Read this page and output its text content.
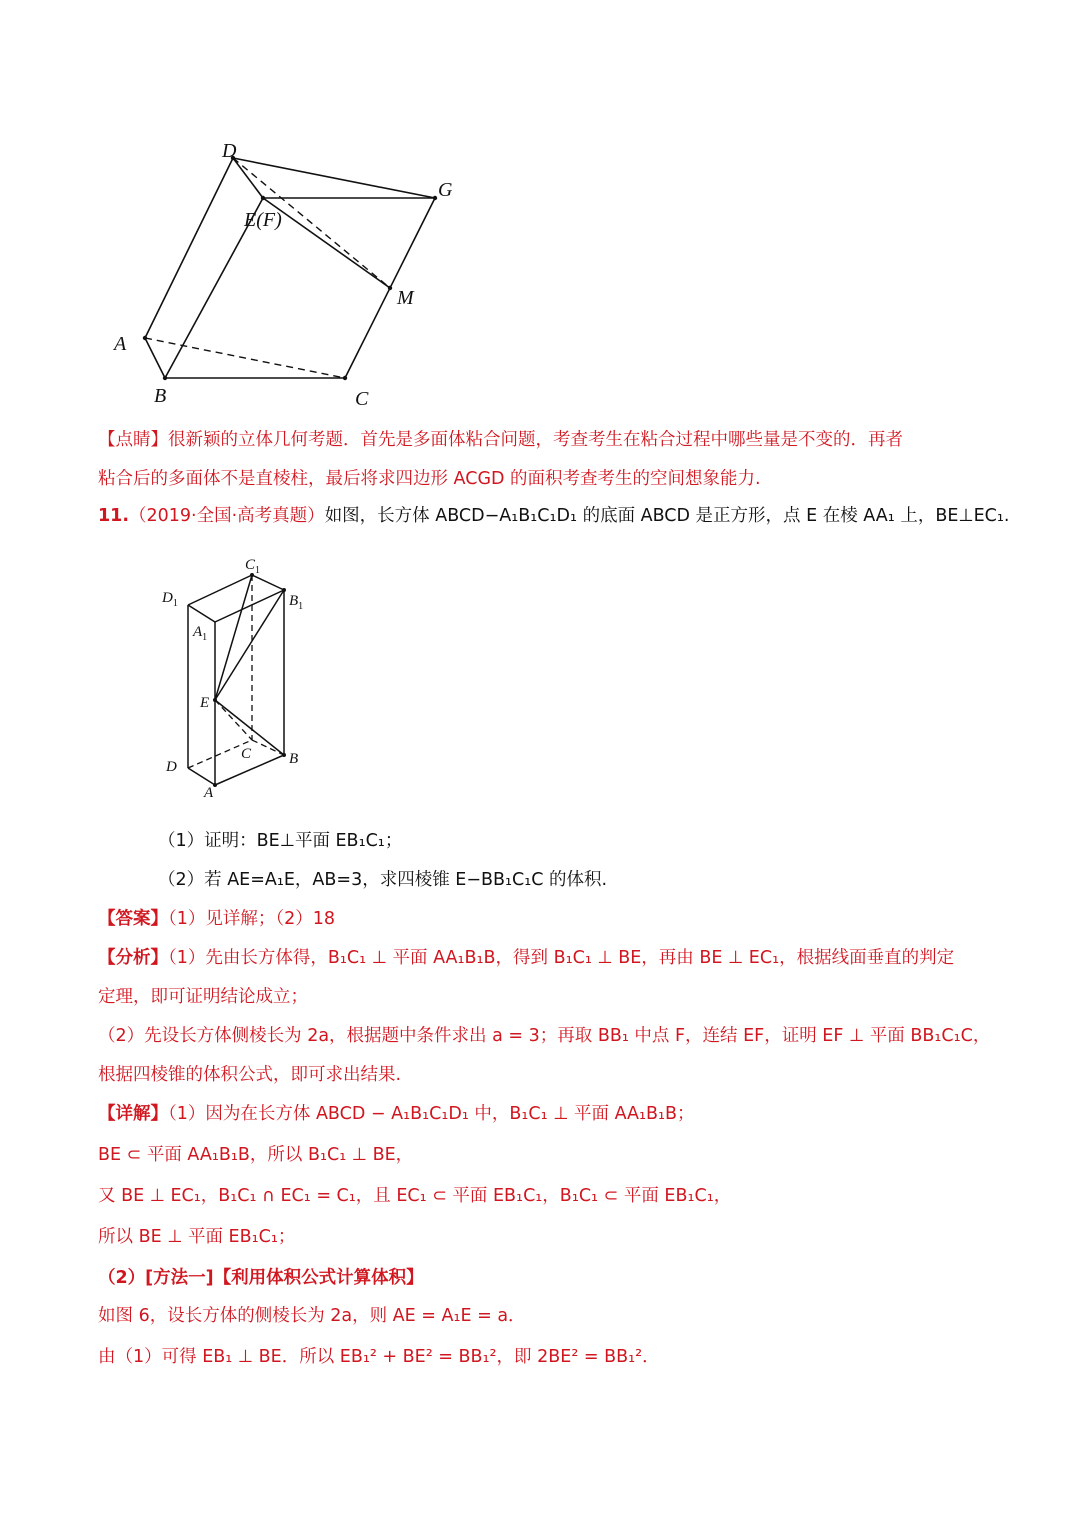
D
G
E(F)
M
A
B	C
【点睛】很新颖的立体几何考题．首先是多面体粘合问题，考查考生在粘合过程中哪些量是不变的．再者
粘合后的多面体不是直棱柱，最后将求四边形 ACGD 的面积考查考生的空间想象能力.
11.（2019·全国·高考真题）如图，长方体 ABCD−A₁B₁C₁D₁ 的底面 ABCD 是正方形，点 E 在棱 AA₁ 上，BE⊥EC₁.
$C_1$
$D_1$	$B_1$
$A_1$
E
C
D	B
A
（1）证明：BE⊥平面 EB₁C₁；
（2）若 AE=A₁E，AB=3，求四棱锥 E−BB₁C₁C 的体积.
【答案】（1）见详解；（2）18
【分析】（1）先由长方体得，B₁C₁ ⊥ 平面 AA₁B₁B，得到 B₁C₁ ⊥ BE，再由 BE ⊥ EC₁，根据线面垂直的判定
定理，即可证明结论成立；
（2）先设长方体侧棱长为 2a，根据题中条件求出 a = 3；再取 BB₁ 中点 F，连结 EF，证明 EF ⊥ 平面 BB₁C₁C，
根据四棱锥的体积公式，即可求出结果.
【详解】（1）因为在长方体 ABCD − A₁B₁C₁D₁ 中，B₁C₁ ⊥ 平面 AA₁B₁B；
BE ⊂ 平面 AA₁B₁B，所以 B₁C₁ ⊥ BE，
又 BE ⊥ EC₁，B₁C₁ ∩ EC₁ = C₁，且 EC₁ ⊂ 平面 EB₁C₁，B₁C₁ ⊂ 平面 EB₁C₁，
所以 BE ⊥ 平面 EB₁C₁；
（2）[方法一]【利用体积公式计算体积】
如图 6，设长方体的侧棱长为 2a，则 AE = A₁E = a．
由（1）可得 EB₁ ⊥ BE．所以 EB₁² + BE² = BB₁²，即 2BE² = BB₁²．
